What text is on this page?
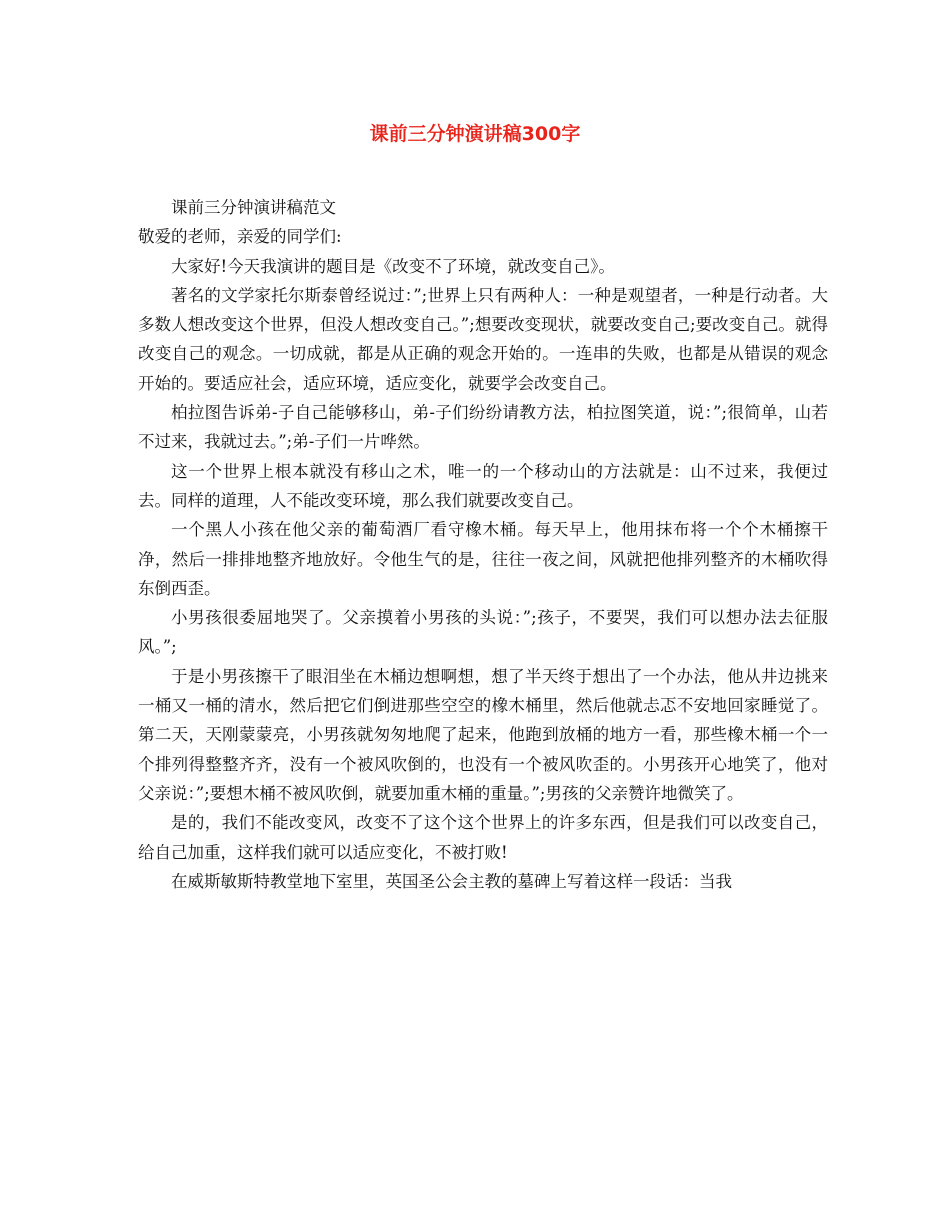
课前三分钟演讲稿300字

课前三分钟演讲稿范文

敬爱的老师，亲爱的同学们:

大家好!今天我演讲的题目是《改变不了环境，就改变自己》。

著名的文学家托尔斯泰曾经说过：”;世界上只有两种人：一种是观望者，一种是行动者。大多数人想改变这个世界，但没人想改变自己。”;想要改变现状，就要改变自己;要改变自己。就得改变自己的观念。一切成就，都是从正确的观念开始的。一连串的失败，也都是从错误的观念开始的。要适应社会，适应环境，适应变化，就要学会改变自己。

柏拉图告诉弟-子自己能够移山，弟-子们纷纷请教方法，柏拉图笑道，说：”;很简单，山若不过来，我就过去。”;弟-子们一片哗然。

这一个世界上根本就没有移山之术，唯一的一个移动山的方法就是：山不过来，我便过去。同样的道理，人不能改变环境，那么我们就要改变自己。

一个黑人小孩在他父亲的葡萄酒厂看守橡木桶。每天早上，他用抹布将一个个木桶擦干净，然后一排排地整齐地放好。令他生气的是，往往一夜之间，风就把他排列整齐的木桶吹得东倒西歪。

小男孩很委屈地哭了。父亲摸着小男孩的头说：”;孩子，不要哭，我们可以想办法去征服风。”;

于是小男孩擦干了眼泪坐在木桶边想啊想，想了半天终于想出了一个办法，他从井边挑来一桶又一桶的清水，然后把它们倒进那些空空的橡木桶里，然后他就忐忑不安地回家睡觉了。第二天，天刚蒙蒙亮，小男孩就匆匆地爬了起来，他跑到放桶的地方一看，那些橡木桶一个一个排列得整整齐齐，没有一个被风吹倒的，也没有一个被风吹歪的。小男孩开心地笑了，他对父亲说：”;要想木桶不被风吹倒，就要加重木桶的重量。”;男孩的父亲赞许地微笑了。

是的，我们不能改变风，改变不了这个这个世界上的许多东西，但是我们可以改变自己，给自己加重，这样我们就可以适应变化，不被打败!

在威斯敏斯特教堂地下室里，英国圣公会主教的墓碑上写着这样一段话：当我
